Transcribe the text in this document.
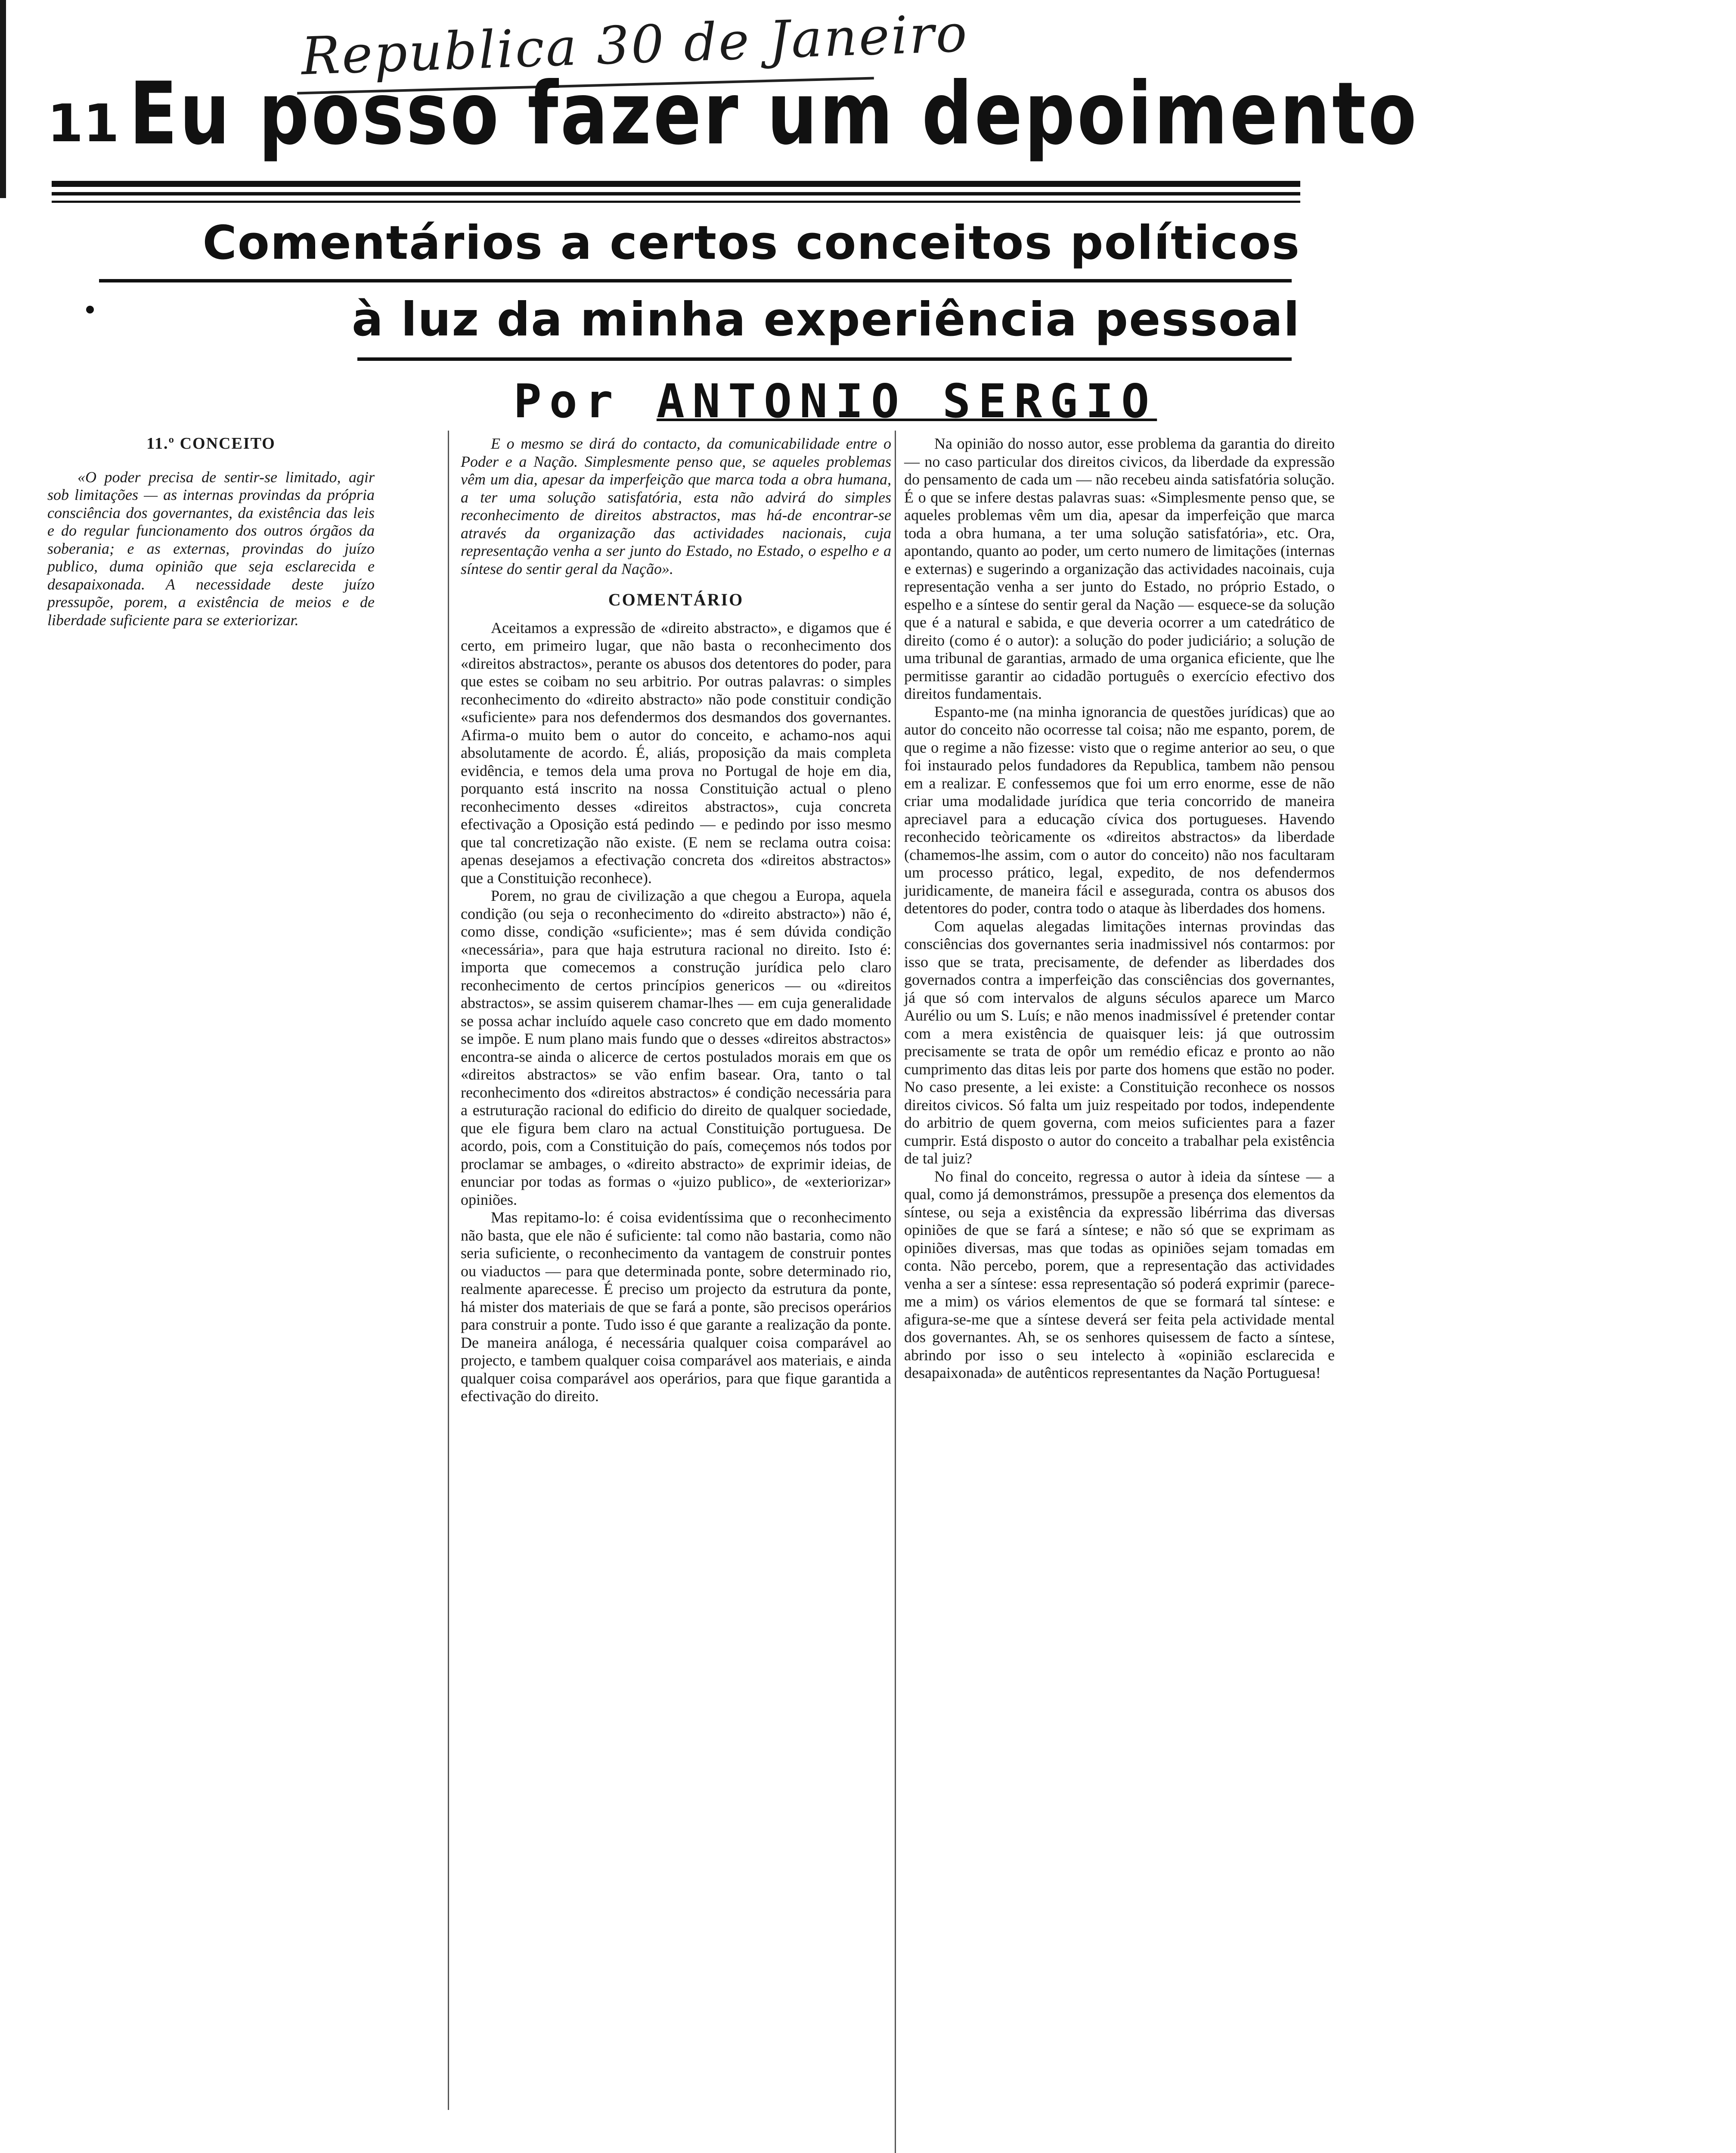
Republica 30 de Janeiro
11 Eu posso fazer um depoimento
Comentários a certos conceitos políticos
à luz da minha experiência pessoal
Por ANTONIO SERGIO
11.º CONCEITO

«O poder precisa de sentir-se limitado, agir sob limitações — as internas provindas da própria consciência dos governantes, da existência das leis e do regular funcionamento dos outros órgãos da soberania; e as externas, provindas do juízo publico, duma opinião que seja esclarecida e desapaixonada. A necessidade deste juízo pressupõe, porem, a existência de meios e de liberdade suficiente para se exteriorizar.

E o mesmo se dirá do contacto, da comunicabilidade entre o Poder e a Nação. Simplesmente penso que, se aqueles problemas vêm um dia, apesar da imperfeição que marca toda a obra humana, a ter uma solução satisfatória, esta não advirá do simples reconhecimento de direitos abstractos, mas há-de encontrar-se através da organização das actividades nacionais, cuja representação venha a ser junto do Estado, no Estado, o espelho e a síntese do sentir geral da Nação».

COMENTÁRIO

Aceitamos a expressão de «direito abstracto», e digamos que é certo, em primeiro lugar, que não basta o reconhecimento dos «direitos abstractos», perante os abusos dos detentores do poder, para que estes se coibam no seu arbitrio. Por outras palavras: o simples reconhecimento do «direito abstracto» não pode constituir condição «suficiente» para nos defendermos dos desmandos dos governantes. Afirma-o muito bem o autor do conceito, e achamo-nos aqui absolutamente de acordo. É, aliás, proposição da mais completa evidência, e temos dela uma prova no Portugal de hoje em dia, porquanto está inscrito na nossa Constituição actual o pleno reconhecimento desses «direitos abstractos», cuja concreta efectivação a Oposição está pedindo — e pedindo por isso mesmo que tal concretização não existe. (E nem se reclama outra coisa: apenas desejamos a efectivação concreta dos «direitos abstractos» que a Constituição reconhece).

Porem, no grau de civilização a que chegou a Europa, aquela condição (ou seja o reconhecimento do «direito abstracto») não é, como disse, condição «suficiente»; mas é sem dúvida condição «necessária», para que haja estrutura racional no direito. Isto é: importa que comecemos a construção jurídica pelo claro reconhecimento de certos princípios genericos — ou «direitos abstractos», se assim quiserem chamar-lhes — em cuja generalidade se possa achar incluído aquele caso concreto que em dado momento se impõe. E num plano mais fundo que o desses «direitos abstractos» encontra-se ainda o alicerce de certos postulados morais em que os «direitos abstractos» se vão enfim basear. Ora, tanto o tal reconhecimento dos «direitos abstractos» é condição necessária para a estruturação racional do edificio do direito de qualquer sociedade, que ele figura bem claro na actual Constituição portuguesa. De acordo, pois, com a Constituição do país, começemos nós todos por proclamar se ambages, o «direito abstracto» de exprimir ideias, de enunciar por todas as formas o «juizo publico», de «exteriorizar» opiniões.

Mas repitamo-lo: é coisa evidentíssima que o reconhecimento não basta, que ele não é suficiente: tal como não bastaria, como não seria suficiente, o reconhecimento da vantagem de construir pontes ou viaductos — para que determinada ponte, sobre determinado rio, realmente aparecesse. É preciso um projecto da estrutura da ponte, há mister dos materiais de que se fará a ponte, são precisos operários para construir a ponte. Tudo isso é que garante a realização da ponte. De maneira análoga, é necessária qualquer coisa comparável ao projecto, e tambem qualquer coisa comparável aos materiais, e ainda qualquer coisa comparável aos operários, para que fique garantida a efectivação do direito.

Na opinião do nosso autor, esse problema da garantia do direito — no caso particular dos direitos civicos, da liberdade da expressão do pensamento de cada um — não recebeu ainda satisfatória solução. É o que se infere destas palavras suas: «Simplesmente penso que, se aqueles problemas vêm um dia, apesar da imperfeição que marca toda a obra humana, a ter uma solução satisfatória», etc. Ora, apontando, quanto ao poder, um certo numero de limitações (internas e externas) e sugerindo a organização das actividades nacoinais, cuja representação venha a ser junto do Estado, no próprio Estado, o espelho e a síntese do sentir geral da Nação — esquece-se da solução que é a natural e sabida, e que deveria ocorrer a um catedrático de direito (como é o autor): a solução do poder judiciário; a solução de uma tribunal de garantias, armado de uma organica eficiente, que lhe permitisse garantir ao cidadão português o exercício efectivo dos direitos fundamentais.

Espanto-me (na minha ignorancia de questões jurídicas) que ao autor do conceito não ocorresse tal coisa; não me espanto, porem, de que o regime a não fizesse: visto que o regime anterior ao seu, o que foi instaurado pelos fundadores da Republica, tambem não pensou em a realizar. E confessemos que foi um erro enorme, esse de não criar uma modalidade jurídica que teria concorrido de maneira apreciavel para a educação cívica dos portugueses. Havendo reconhecido teòricamente os «direitos abstractos» da liberdade (chamemos-lhe assim, com o autor do conceito) não nos facultaram um processo prático, legal, expedito, de nos defendermos juridicamente, de maneira fácil e assegurada, contra os abusos dos detentores do poder, contra todo o ataque às liberdades dos homens.

Com aquelas alegadas limitações internas provindas das consciências dos governantes seria inadmissivel nós contarmos: por isso que se trata, precisamente, de defender as liberdades dos governados contra a imperfeição das consciências dos governantes, já que só com intervalos de alguns séculos aparece um Marco Aurélio ou um S. Luís; e não menos inadmissível é pretender contar com a mera existência de quaisquer leis: já que outrossim precisamente se trata de opôr um remédio eficaz e pronto ao não cumprimento das ditas leis por parte dos homens que estão no poder. No caso presente, a lei existe: a Constituição reconhece os nossos direitos civicos. Só falta um juiz respeitado por todos, independente do arbitrio de quem governa, com meios suficientes para a fazer cumprir. Está disposto o autor do conceito a trabalhar pela existência de tal juiz?

No final do conceito, regressa o autor à ideia da síntese — a qual, como já demonstrámos, pressupõe a presença dos elementos da síntese, ou seja a existência da expressão libérrima das diversas opiniões de que se fará a síntese; e não só que se exprimam as opiniões diversas, mas que todas as opiniões sejam tomadas em conta. Não percebo, porem, que a representação das actividades venha a ser a síntese: essa representação só poderá exprimir (parece-me a mim) os vários elementos de que se formará tal síntese: e afigura-se-me que a síntese deverá ser feita pela actividade mental dos governantes. Ah, se os senhores quisessem de facto a síntese, abrindo por isso o seu intelecto à «opinião esclarecida e desapaixonada» de autênticos representantes da Nação Portuguesa!
